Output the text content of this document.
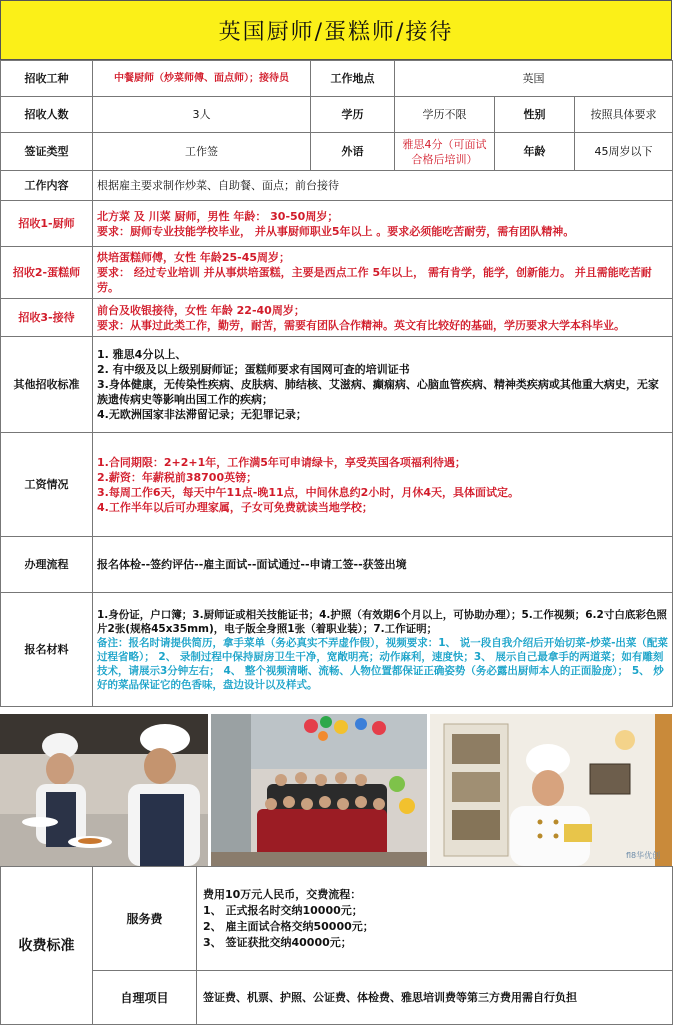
英国厨师/蛋糕师/接待
招收工种	中餐厨师（炒菜师傅、面点师）；接待员	工作地点	英国		
招收人数	3人	学历	学历不限	性别	按照具体要求
签证类型	工作签	外语	雅思4分（可面试合格后培训）	年龄	45周岁以下
工作内容	根据雇主要求制作炒菜、自助餐、面点；前台接待				
招收1-厨师	北方菜 及 川菜 厨师，男性 年龄： 30-50周岁；
要求：厨师专业技能学校毕业， 并从事厨师职业5年以上 。要求必须能吃苦耐劳，需有团队精神。				

招收2-蛋糕师	烘培蛋糕师傅，女性 年龄25-45周岁；
要求： 经过专业培训 并从事烘培蛋糕，主要是西点工作 5年以上， 需有肯学，能学，创新能力。 并且需能吃苦耐劳。				

招收3-接待	前台及收银接待，女性 年龄 22-40周岁；
要求：从事过此类工作，勤劳，耐苦，需要有团队合作精神。英文有比较好的基础，学历要求大学本科毕业。				

其他招收标准	1. 雅思4分以上、
2. 有中级及以上级别厨师证；蛋糕师要求有国网可查的培训证书
3.身体健康，无传染性疾病、皮肤病、肺结核、艾滋病、癫痫病、心脑血管疾病、精神类疾病或其他重大病史，无家族遗传病史等影响出国工作的疾病；
4.无欧洲国家非法滞留记录；无犯罪记录；				

工资情况	1.合同期限：2+2+1年，工作满5年可申请绿卡，享受英国各项福利待遇；
2.薪资：年薪税前38700英镑；
3.每周工作6天，每天中午11点-晚11点，中间休息约2小时，月休4天，具体面试定。
4.工作半年以后可办理家属，子女可免费就读当地学校；				

办理流程	报名体检--签约评估--雇主面试--面试通过--申请工签--获签出境				
报名材料	1.身份证，户口簿；3.厨师证或相关技能证书；4.护照（有效期6个月以上，可协助办理）；5.工作视频；6.2寸白底彩色照片2张(规格45x35mm)，电子版全身照1张（着职业装）；7.工作证明；
备注：报名时请提供简历，拿手菜单（务必真实不弄虚作假），视频要求：1、 说一段自我介绍后开始切菜-炒菜-出菜（配菜过程省略）； 2、 录制过程中保持厨房卫生干净，宽敞明亮；动作麻利，速度快；3、 展示自己最拿手的两道菜；如有雕刻技术，请展示3分钟左右； 4、 整个视频清晰、流畅、人物位置都保证正确姿势（务必露出厨师本人的正面脸庞）； 5、 炒好的菜品保证它的色香味，盘边设计以及样式。				
fl8华优创
收费标准	服务费	费用10万元人民币，交费流程：
1、 正式报名时交纳10000元；
2、 雇主面试合格交纳50000元；
3、 签证获批交纳40000元；

	自理项目	签证费、机票、护照、公证费、体检费、雅思培训费等第三方费用需自行负担
